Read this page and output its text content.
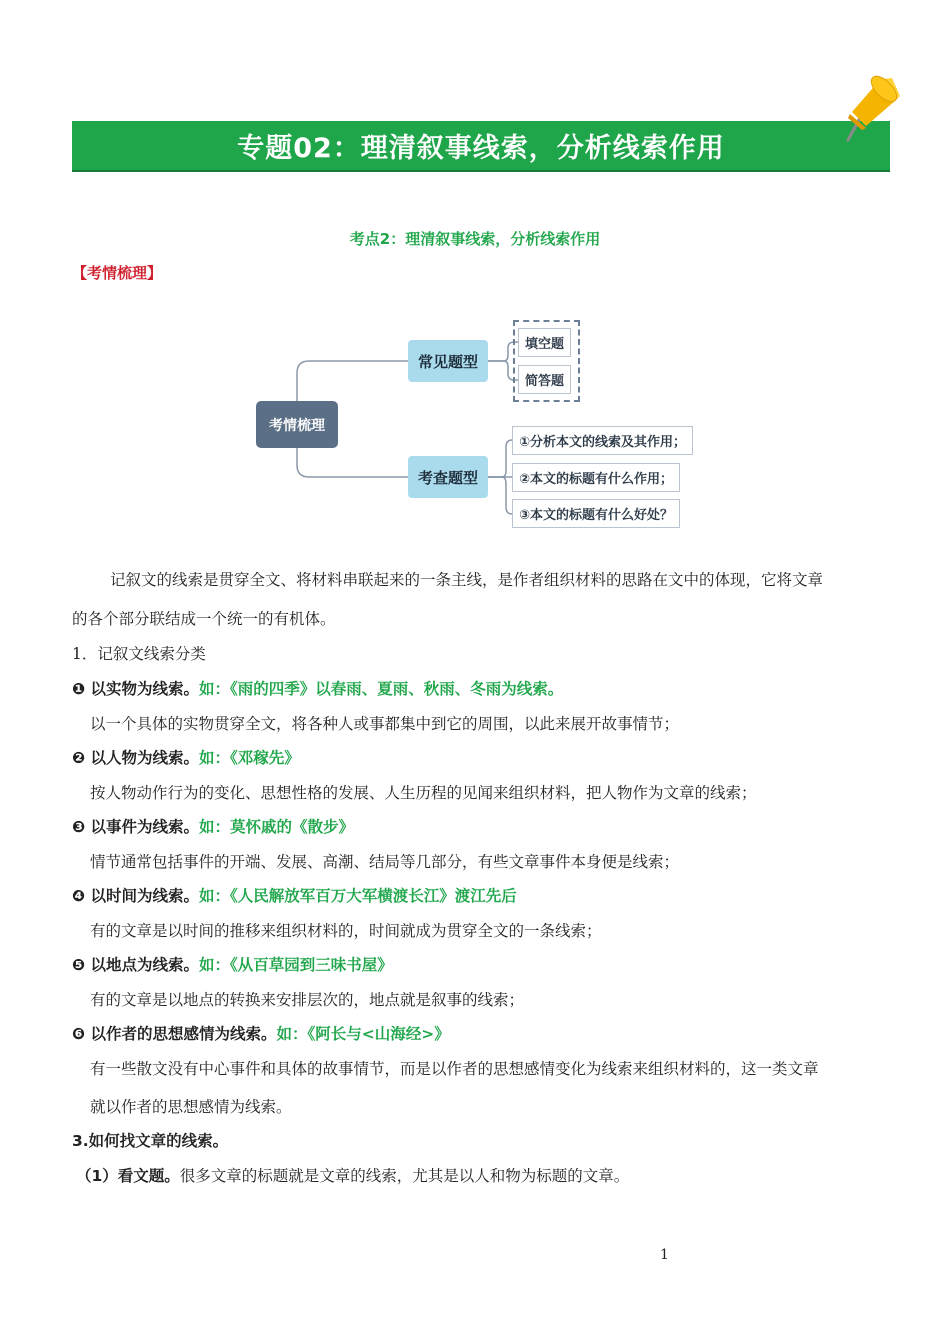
专题02：理清叙事线索，分析线索作用
考点2：理清叙事线索，分析线索作用
【考情梳理】
考情梳理
常见题型
考查题型
填空题
简答题
①分析本文的线索及其作用；
②本文的标题有什么作用；
③本文的标题有什么好处？
记叙文的线索是贯穿全文、将材料串联起来的一条主线，是作者组织材料的思路在文中的体现，它将文章
的各个部分联结成一个统一的有机体。
1．记叙文线索分类
❶ 以实物为线索。如：《雨的四季》以春雨、夏雨、秋雨、冬雨为线索。
以一个具体的实物贯穿全文，将各种人或事都集中到它的周围，以此来展开故事情节；
❷ 以人物为线索。如：《邓稼先》
按人物动作行为的变化、思想性格的发展、人生历程的见闻来组织材料，把人物作为文章的线索；
❸ 以事件为线索。如：莫怀戚的《散步》
情节通常包括事件的开端、发展、高潮、结局等几部分，有些文章事件本身便是线索；
❹ 以时间为线索。如：《人民解放军百万大军横渡长江》渡江先后
有的文章是以时间的推移来组织材料的，时间就成为贯穿全文的一条线索；
❺ 以地点为线索。如：《从百草园到三味书屋》
有的文章是以地点的转换来安排层次的，地点就是叙事的线索；
❻ 以作者的思想感情为线索。如：《阿长与<山海经>》
有一些散文没有中心事件和具体的故事情节，而是以作者的思想感情变化为线索来组织材料的，这一类文章
就以作者的思想感情为线索。
3.如何找文章的线索。
（1）看文题。很多文章的标题就是文章的线索，尤其是以人和物为标题的文章。
1
